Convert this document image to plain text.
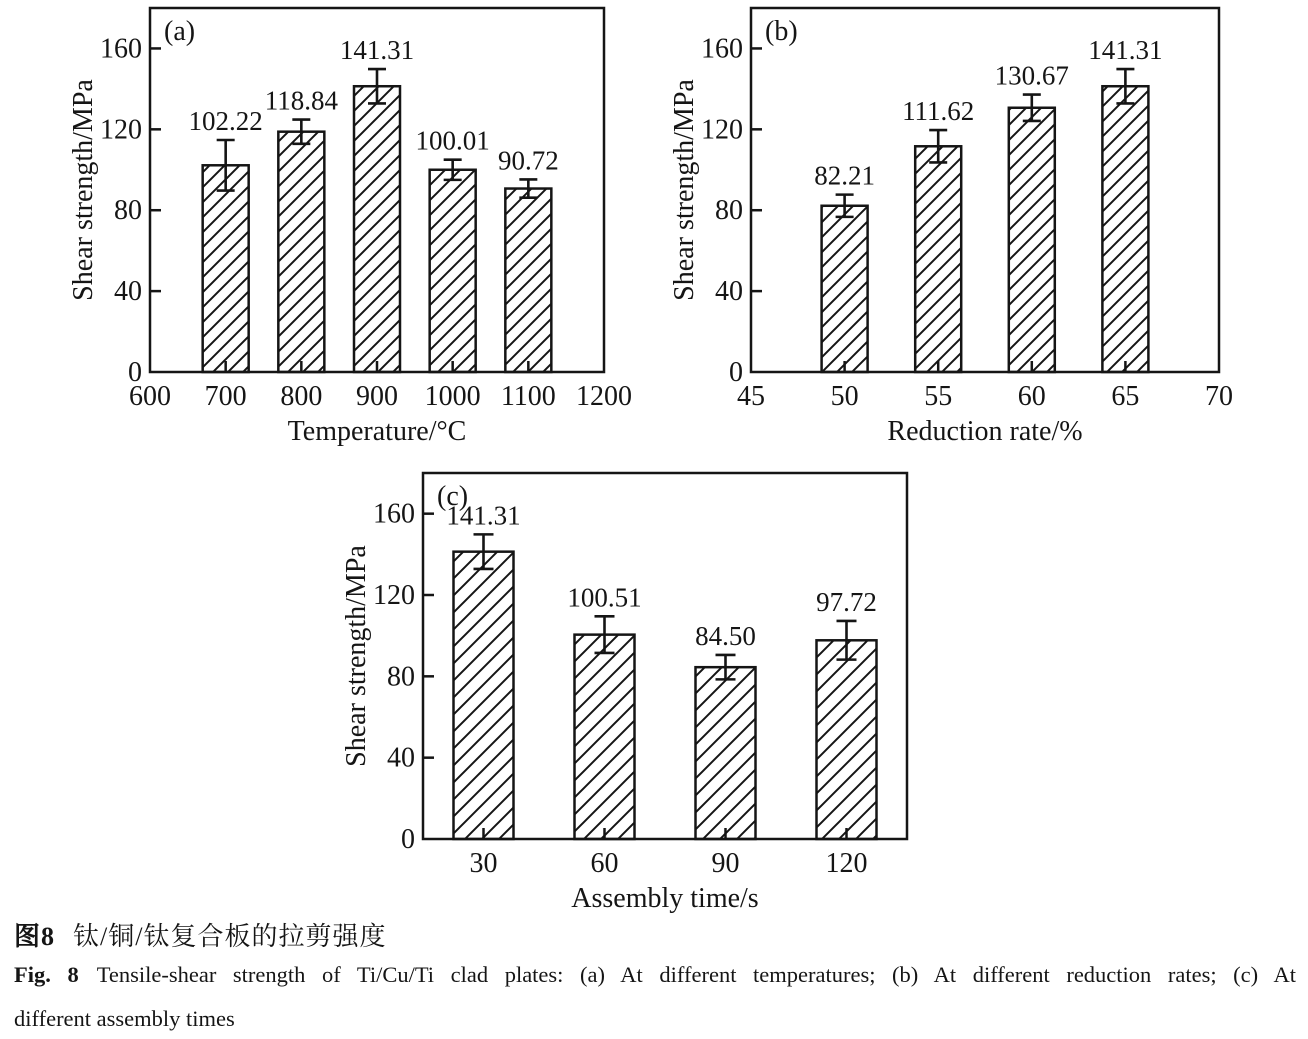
102.22
118.84
141.31
100.01
90.72
0
40
80
120
160
600 700 800 900 1000 1100 1200
Temperature/°C
Shear strength/MPa
(a)
82.21
111.62
130.67
141.31
0
40
80
120
160
45 50 55 60 65 70
Reduction rate/%
Shear strength/MPa
(b)
141.31
100.51
84.50
97.72
0
40
80
120
160
30	60	90	120
Assembly time/s
Shear strength/MPa
(c)
图8 钛/铜/钛复合板的拉剪强度
Fig. 8 Tensile-shear strength of Ti/Cu/Ti clad plates: (a) At different temperatures; (b) At different reduction rates; (c) At
different assembly times
